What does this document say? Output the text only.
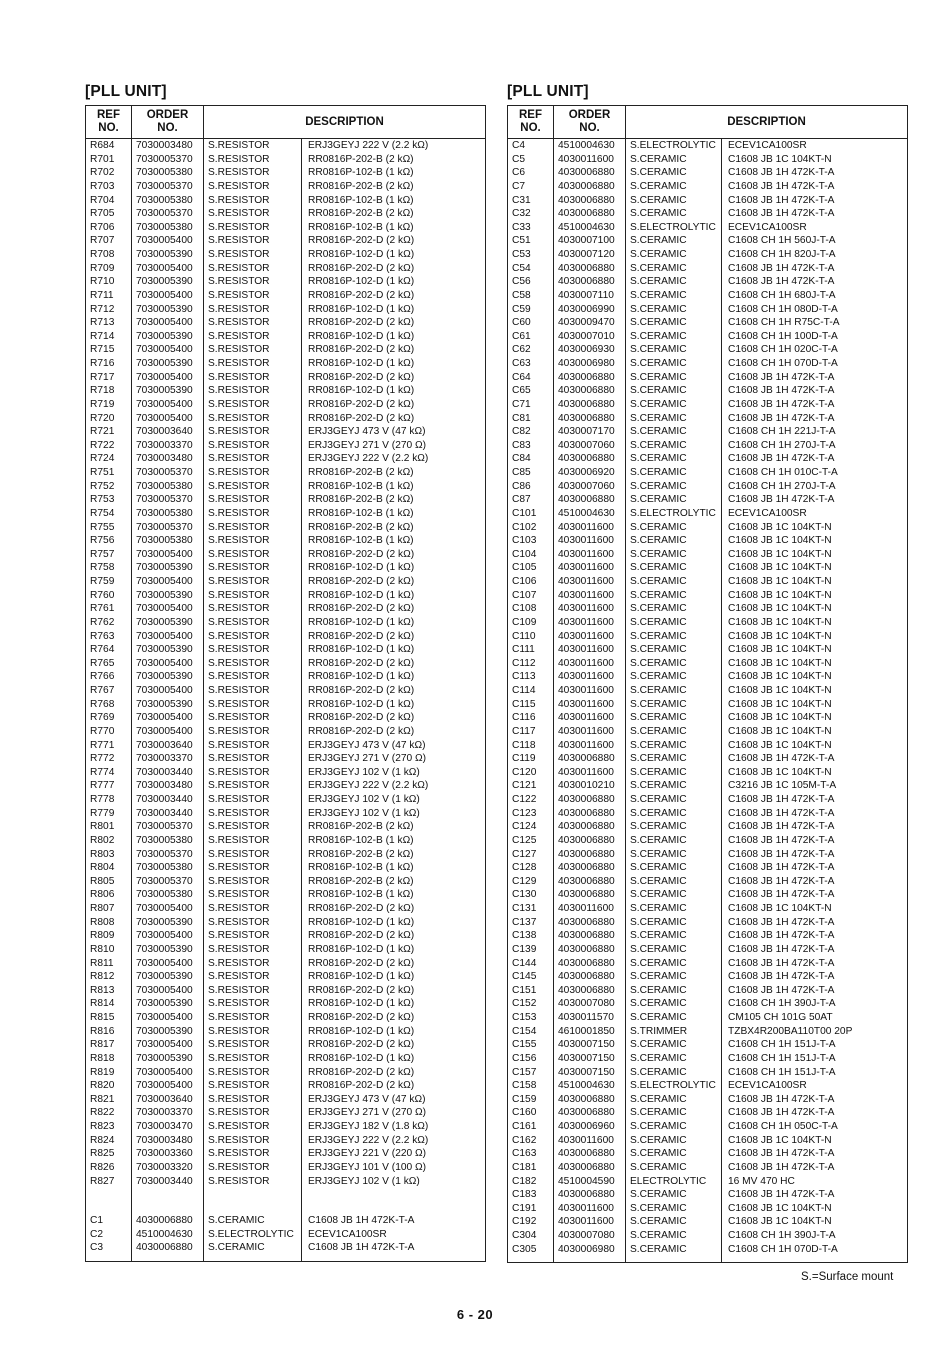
[PLL UNIT]
REF
NO.	ORDER
NO.	DESCRIPTION	
R684	7030003480	S.RESISTOR	ERJ3GEYJ 222 V (2.2 kΩ)
R701	7030005370	S.RESISTOR	RR0816P-202-B (2 kΩ)
R702	7030005380	S.RESISTOR	RR0816P-102-B (1 kΩ)
R703	7030005370	S.RESISTOR	RR0816P-202-B (2 kΩ)
R704	7030005380	S.RESISTOR	RR0816P-102-B (1 kΩ)
R705	7030005370	S.RESISTOR	RR0816P-202-B (2 kΩ)
R706	7030005380	S.RESISTOR	RR0816P-102-B (1 kΩ)
R707	7030005400	S.RESISTOR	RR0816P-202-D (2 kΩ)
R708	7030005390	S.RESISTOR	RR0816P-102-D (1 kΩ)
R709	7030005400	S.RESISTOR	RR0816P-202-D (2 kΩ)
R710	7030005390	S.RESISTOR	RR0816P-102-D (1 kΩ)
R711	7030005400	S.RESISTOR	RR0816P-202-D (2 kΩ)
R712	7030005390	S.RESISTOR	RR0816P-102-D (1 kΩ)
R713	7030005400	S.RESISTOR	RR0816P-202-D (2 kΩ)
R714	7030005390	S.RESISTOR	RR0816P-102-D (1 kΩ)
R715	7030005400	S.RESISTOR	RR0816P-202-D (2 kΩ)
R716	7030005390	S.RESISTOR	RR0816P-102-D (1 kΩ)
R717	7030005400	S.RESISTOR	RR0816P-202-D (2 kΩ)
R718	7030005390	S.RESISTOR	RR0816P-102-D (1 kΩ)
R719	7030005400	S.RESISTOR	RR0816P-202-D (2 kΩ)
R720	7030005400	S.RESISTOR	RR0816P-202-D (2 kΩ)
R721	7030003640	S.RESISTOR	ERJ3GEYJ 473 V (47 kΩ)
R722	7030003370	S.RESISTOR	ERJ3GEYJ 271 V (270 Ω)
R724	7030003480	S.RESISTOR	ERJ3GEYJ 222 V (2.2 kΩ)
R751	7030005370	S.RESISTOR	RR0816P-202-B (2 kΩ)
R752	7030005380	S.RESISTOR	RR0816P-102-B (1 kΩ)
R753	7030005370	S.RESISTOR	RR0816P-202-B (2 kΩ)
R754	7030005380	S.RESISTOR	RR0816P-102-B (1 kΩ)
R755	7030005370	S.RESISTOR	RR0816P-202-B (2 kΩ)
R756	7030005380	S.RESISTOR	RR0816P-102-B (1 kΩ)
R757	7030005400	S.RESISTOR	RR0816P-202-D (2 kΩ)
R758	7030005390	S.RESISTOR	RR0816P-102-D (1 kΩ)
R759	7030005400	S.RESISTOR	RR0816P-202-D (2 kΩ)
R760	7030005390	S.RESISTOR	RR0816P-102-D (1 kΩ)
R761	7030005400	S.RESISTOR	RR0816P-202-D (2 kΩ)
R762	7030005390	S.RESISTOR	RR0816P-102-D (1 kΩ)
R763	7030005400	S.RESISTOR	RR0816P-202-D (2 kΩ)
R764	7030005390	S.RESISTOR	RR0816P-102-D (1 kΩ)
R765	7030005400	S.RESISTOR	RR0816P-202-D (2 kΩ)
R766	7030005390	S.RESISTOR	RR0816P-102-D (1 kΩ)
R767	7030005400	S.RESISTOR	RR0816P-202-D (2 kΩ)
R768	7030005390	S.RESISTOR	RR0816P-102-D (1 kΩ)
R769	7030005400	S.RESISTOR	RR0816P-202-D (2 kΩ)
R770	7030005400	S.RESISTOR	RR0816P-202-D (2 kΩ)
R771	7030003640	S.RESISTOR	ERJ3GEYJ 473 V (47 kΩ)
R772	7030003370	S.RESISTOR	ERJ3GEYJ 271 V (270 Ω)
R774	7030003440	S.RESISTOR	ERJ3GEYJ 102 V (1 kΩ)
R777	7030003480	S.RESISTOR	ERJ3GEYJ 222 V (2.2 kΩ)
R778	7030003440	S.RESISTOR	ERJ3GEYJ 102 V (1 kΩ)
R779	7030003440	S.RESISTOR	ERJ3GEYJ 102 V (1 kΩ)
R801	7030005370	S.RESISTOR	RR0816P-202-B (2 kΩ)
R802	7030005380	S.RESISTOR	RR0816P-102-B (1 kΩ)
R803	7030005370	S.RESISTOR	RR0816P-202-B (2 kΩ)
R804	7030005380	S.RESISTOR	RR0816P-102-B (1 kΩ)
R805	7030005370	S.RESISTOR	RR0816P-202-B (2 kΩ)
R806	7030005380	S.RESISTOR	RR0816P-102-B (1 kΩ)
R807	7030005400	S.RESISTOR	RR0816P-202-D (2 kΩ)
R808	7030005390	S.RESISTOR	RR0816P-102-D (1 kΩ)
R809	7030005400	S.RESISTOR	RR0816P-202-D (2 kΩ)
R810	7030005390	S.RESISTOR	RR0816P-102-D (1 kΩ)
R811	7030005400	S.RESISTOR	RR0816P-202-D (2 kΩ)
R812	7030005390	S.RESISTOR	RR0816P-102-D (1 kΩ)
R813	7030005400	S.RESISTOR	RR0816P-202-D (2 kΩ)
R814	7030005390	S.RESISTOR	RR0816P-102-D (1 kΩ)
R815	7030005400	S.RESISTOR	RR0816P-202-D (2 kΩ)
R816	7030005390	S.RESISTOR	RR0816P-102-D (1 kΩ)
R817	7030005400	S.RESISTOR	RR0816P-202-D (2 kΩ)
R818	7030005390	S.RESISTOR	RR0816P-102-D (1 kΩ)
R819	7030005400	S.RESISTOR	RR0816P-202-D (2 kΩ)
R820	7030005400	S.RESISTOR	RR0816P-202-D (2 kΩ)
R821	7030003640	S.RESISTOR	ERJ3GEYJ 473 V (47 kΩ)
R822	7030003370	S.RESISTOR	ERJ3GEYJ 271 V (270 Ω)
R823	7030003470	S.RESISTOR	ERJ3GEYJ 182 V (1.8 kΩ)
R824	7030003480	S.RESISTOR	ERJ3GEYJ 222 V (2.2 kΩ)
R825	7030003360	S.RESISTOR	ERJ3GEYJ 221 V (220 Ω)
R826	7030003320	S.RESISTOR	ERJ3GEYJ 101 V (100 Ω)
R827	7030003440	S.RESISTOR	ERJ3GEYJ 102 V (1 kΩ)

C1	4030006880	S.CERAMIC	C1608 JB 1H 472K-T-A
C2	4510004630	S.ELECTROLYTIC	ECEV1CA100SR
C3	4030006880	S.CERAMIC	C1608 JB 1H 472K-T-A
[PLL UNIT]
REF
NO.	ORDER
NO.	DESCRIPTION	
C4	4510004630	S.ELECTROLYTIC	ECEV1CA100SR
C5	4030011600	S.CERAMIC	C1608 JB 1C 104KT-N
C6	4030006880	S.CERAMIC	C1608 JB 1H 472K-T-A
C7	4030006880	S.CERAMIC	C1608 JB 1H 472K-T-A
C31	4030006880	S.CERAMIC	C1608 JB 1H 472K-T-A
C32	4030006880	S.CERAMIC	C1608 JB 1H 472K-T-A
C33	4510004630	S.ELECTROLYTIC	ECEV1CA100SR
C51	4030007100	S.CERAMIC	C1608 CH 1H 560J-T-A
C53	4030007120	S.CERAMIC	C1608 CH 1H 820J-T-A
C54	4030006880	S.CERAMIC	C1608 JB 1H 472K-T-A
C56	4030006880	S.CERAMIC	C1608 JB 1H 472K-T-A
C58	4030007110	S.CERAMIC	C1608 CH 1H 680J-T-A
C59	4030006990	S.CERAMIC	C1608 CH 1H 080D-T-A
C60	4030009470	S.CERAMIC	C1608 CH 1H R75C-T-A
C61	4030007010	S.CERAMIC	C1608 CH 1H 100D-T-A
C62	4030006930	S.CERAMIC	C1608 CH 1H 020C-T-A
C63	4030006980	S.CERAMIC	C1608 CH 1H 070D-T-A
C64	4030006880	S.CERAMIC	C1608 JB 1H 472K-T-A
C65	4030006880	S.CERAMIC	C1608 JB 1H 472K-T-A
C71	4030006880	S.CERAMIC	C1608 JB 1H 472K-T-A
C81	4030006880	S.CERAMIC	C1608 JB 1H 472K-T-A
C82	4030007170	S.CERAMIC	C1608 CH 1H 221J-T-A
C83	4030007060	S.CERAMIC	C1608 CH 1H 270J-T-A
C84	4030006880	S.CERAMIC	C1608 JB 1H 472K-T-A
C85	4030006920	S.CERAMIC	C1608 CH 1H 010C-T-A
C86	4030007060	S.CERAMIC	C1608 CH 1H 270J-T-A
C87	4030006880	S.CERAMIC	C1608 JB 1H 472K-T-A
C101	4510004630	S.ELECTROLYTIC	ECEV1CA100SR
C102	4030011600	S.CERAMIC	C1608 JB 1C 104KT-N
C103	4030011600	S.CERAMIC	C1608 JB 1C 104KT-N
C104	4030011600	S.CERAMIC	C1608 JB 1C 104KT-N
C105	4030011600	S.CERAMIC	C1608 JB 1C 104KT-N
C106	4030011600	S.CERAMIC	C1608 JB 1C 104KT-N
C107	4030011600	S.CERAMIC	C1608 JB 1C 104KT-N
C108	4030011600	S.CERAMIC	C1608 JB 1C 104KT-N
C109	4030011600	S.CERAMIC	C1608 JB 1C 104KT-N
C110	4030011600	S.CERAMIC	C1608 JB 1C 104KT-N
C111	4030011600	S.CERAMIC	C1608 JB 1C 104KT-N
C112	4030011600	S.CERAMIC	C1608 JB 1C 104KT-N
C113	4030011600	S.CERAMIC	C1608 JB 1C 104KT-N
C114	4030011600	S.CERAMIC	C1608 JB 1C 104KT-N
C115	4030011600	S.CERAMIC	C1608 JB 1C 104KT-N
C116	4030011600	S.CERAMIC	C1608 JB 1C 104KT-N
C117	4030011600	S.CERAMIC	C1608 JB 1C 104KT-N
C118	4030011600	S.CERAMIC	C1608 JB 1C 104KT-N
C119	4030006880	S.CERAMIC	C1608 JB 1H 472K-T-A
C120	4030011600	S.CERAMIC	C1608 JB 1C 104KT-N
C121	4030010210	S.CERAMIC	C3216 JB 1C 105M-T-A
C122	4030006880	S.CERAMIC	C1608 JB 1H 472K-T-A
C123	4030006880	S.CERAMIC	C1608 JB 1H 472K-T-A
C124	4030006880	S.CERAMIC	C1608 JB 1H 472K-T-A
C125	4030006880	S.CERAMIC	C1608 JB 1H 472K-T-A
C127	4030006880	S.CERAMIC	C1608 JB 1H 472K-T-A
C128	4030006880	S.CERAMIC	C1608 JB 1H 472K-T-A
C129	4030006880	S.CERAMIC	C1608 JB 1H 472K-T-A
C130	4030006880	S.CERAMIC	C1608 JB 1H 472K-T-A
C131	4030011600	S.CERAMIC	C1608 JB 1C 104KT-N
C137	4030006880	S.CERAMIC	C1608 JB 1H 472K-T-A
C138	4030006880	S.CERAMIC	C1608 JB 1H 472K-T-A
C139	4030006880	S.CERAMIC	C1608 JB 1H 472K-T-A
C144	4030006880	S.CERAMIC	C1608 JB 1H 472K-T-A
C145	4030006880	S.CERAMIC	C1608 JB 1H 472K-T-A
C151	4030006880	S.CERAMIC	C1608 JB 1H 472K-T-A
C152	4030007080	S.CERAMIC	C1608 CH 1H 390J-T-A
C153	4030011570	S.CERAMIC	CM105 CH 101G 50AT
C154	4610001850	S.TRIMMER	TZBX4R200BA110T00 20P
C155	4030007150	S.CERAMIC	C1608 CH 1H 151J-T-A
C156	4030007150	S.CERAMIC	C1608 CH 1H 151J-T-A
C157	4030007150	S.CERAMIC	C1608 CH 1H 151J-T-A
C158	4510004630	S.ELECTROLYTIC	ECEV1CA100SR
C159	4030006880	S.CERAMIC	C1608 JB 1H 472K-T-A
C160	4030006880	S.CERAMIC	C1608 JB 1H 472K-T-A
C161	4030006960	S.CERAMIC	C1608 CH 1H 050C-T-A
C162	4030011600	S.CERAMIC	C1608 JB 1C 104KT-N
C163	4030006880	S.CERAMIC	C1608 JB 1H 472K-T-A
C181	4030006880	S.CERAMIC	C1608 JB 1H 472K-T-A
C182	4510004590	ELECTROLYTIC	16 MV 470 HC
C183	4030006880	S.CERAMIC	C1608 JB 1H 472K-T-A
C191	4030011600	S.CERAMIC	C1608 JB 1C 104KT-N
C192	4030011600	S.CERAMIC	C1608 JB 1C 104KT-N
C304	4030007080	S.CERAMIC	C1608 CH 1H 390J-T-A
C305	4030006980	S.CERAMIC	C1608 CH 1H 070D-T-A
S.=Surface mount
6 - 20
